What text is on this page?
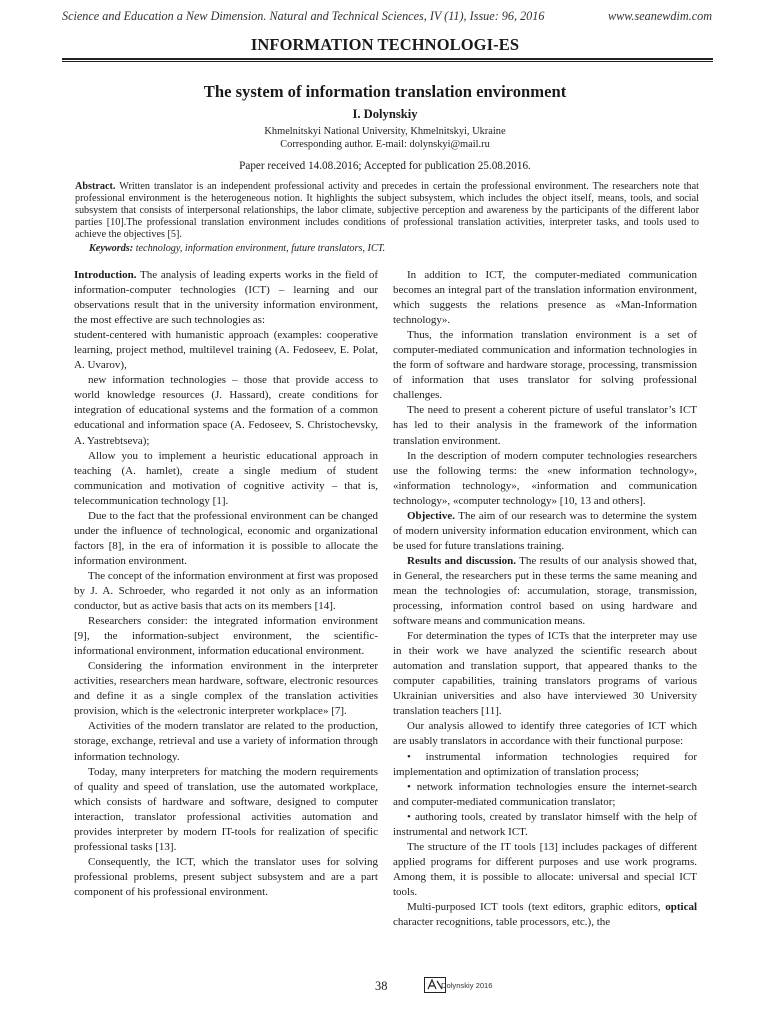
Science and Education a New Dimension. Natural and Technical Sciences, IV (11), Issue: 96, 2016	www.seanewdim.com
INFORMATION TECHNOLOGI-ES
The system of information translation environment
I. Dolynskiy
Khmelnitskyi National University, Khmelnitskyi, Ukraine
Corresponding author. E-mail: dolynskyi@mail.ru
Paper received 14.08.2016; Accepted for publication 25.08.2016.
Abstract. Written translator is an independent professional activity and precedes in certain the professional environment. The researchers note that professional environment is the heterogeneous notion. It highlights the subject subsystem, which includes the object itself, means, tools, and social subsystem that consists of interpersonal relationships, the labor climate, subjective perception and awareness by the participants of the different labor parties [10].The professional translation environment includes conditions of professional translation activities, interpreter tasks, and tools used to achieve the objectives [5].
Keywords: technology, information environment, future translators, ICT.

Introduction. The analysis of leading experts works in the field of information-computer technologies (ICT) – learning and our observations result that in the university information environment, the most effective are such technologies as:

student-centered with humanistic approach (examples: cooperative learning, project method, multilevel training (A. Fedoseev, E. Polat, A. Uvarov),

new information technologies – those that provide access to world knowledge resources (J. Hassard), create conditions for integration of educational systems and the formation of a common educational and information space (A. Fedoseev, S. Christochevsky, A. Yastrebtseva);

Allow you to implement a heuristic educational approach in teaching (A. hamlet), create a single medium of student communication and motivation of cognitive activity – that is, telecommunication technology [1].

Due to the fact that the professional environment can be changed under the influence of technological, economic and organizational factors [8], in the era of information it is possible to allocate the information environment.

The concept of the information environment at first was proposed by J. A. Schroeder, who regarded it not only as an information conductor, but as active basis that acts on its members [14].

Researchers consider: the integrated information environment [9], the information-subject environment, the scientific-informational environment, information educational environment.

Considering the information environment in the interpreter activities, researchers mean hardware, software, electronic resources and define it as a single complex of the translation activities provision, which is the «electronic interpreter workplace» [7].

Activities of the modern translator are related to the production, storage, exchange, retrieval and use a variety of information through information technology.

Today, many interpreters for matching the modern requirements of quality and speed of translation, use the automated workplace, which consists of hardware and software, designed to computer interaction, translator professional activities automation and provides interpreter by modern IT-tools for realization of specific professional tasks [13].

Consequently, the ICT, which the translator uses for solving professional problems, present subject subsystem and are a part component of his professional environment.

In addition to ICT, the computer-mediated communication becomes an integral part of the translation information environment, which suggests the relations presence as «Man-Information technology».

Thus, the information translation environment is a set of computer-mediated communication and information technologies in the form of software and hardware storage, processing, transmission of information that uses translator for solving professional challenges.

The need to present a coherent picture of useful translator’s ICT has led to their analysis in the framework of the information translation environment.

In the description of modern computer technologies researchers use the following terms: the «new information technology», «information technology», «information and communication technology», «computer technology» [10, 13 and others].

Objective. The aim of our research was to determine the system of modern university information education environment, which can be used for future translations training.

Results and discussion. The results of our analysis showed that, in General, the researchers put in these terms the same meaning and mean the technologies of: accumulation, storage, transmission, processing, information control based on using hardware and software means and communication means.

For determination the types of ICTs that the interpreter may use in their work we have analyzed the scientific research about automation and translation support, that appeared thanks to the computer capabilities, training translators programs of various Ukrainian universities and also have interviewed 30 University translation teachers [11].

Our analysis allowed to identify three categories of ICT which are usably translators in accordance with their functional purpose:

• instrumental information technologies required for implementation and optimization of translation process;

• network information technologies ensure the internet-search and computer-mediated communication translator;

• authoring tools, created by translator himself with the help of instrumental and network ICT.

The structure of the IT tools [13] includes packages of different applied programs for different purposes and use work programs. Among them, it is possible to allocate: universal and special ICT tools.

Multi-purposed ICT tools (text editors, graphic editors, optical character recognitions, table processors, etc.), the

38	Dolynskiy 2016
